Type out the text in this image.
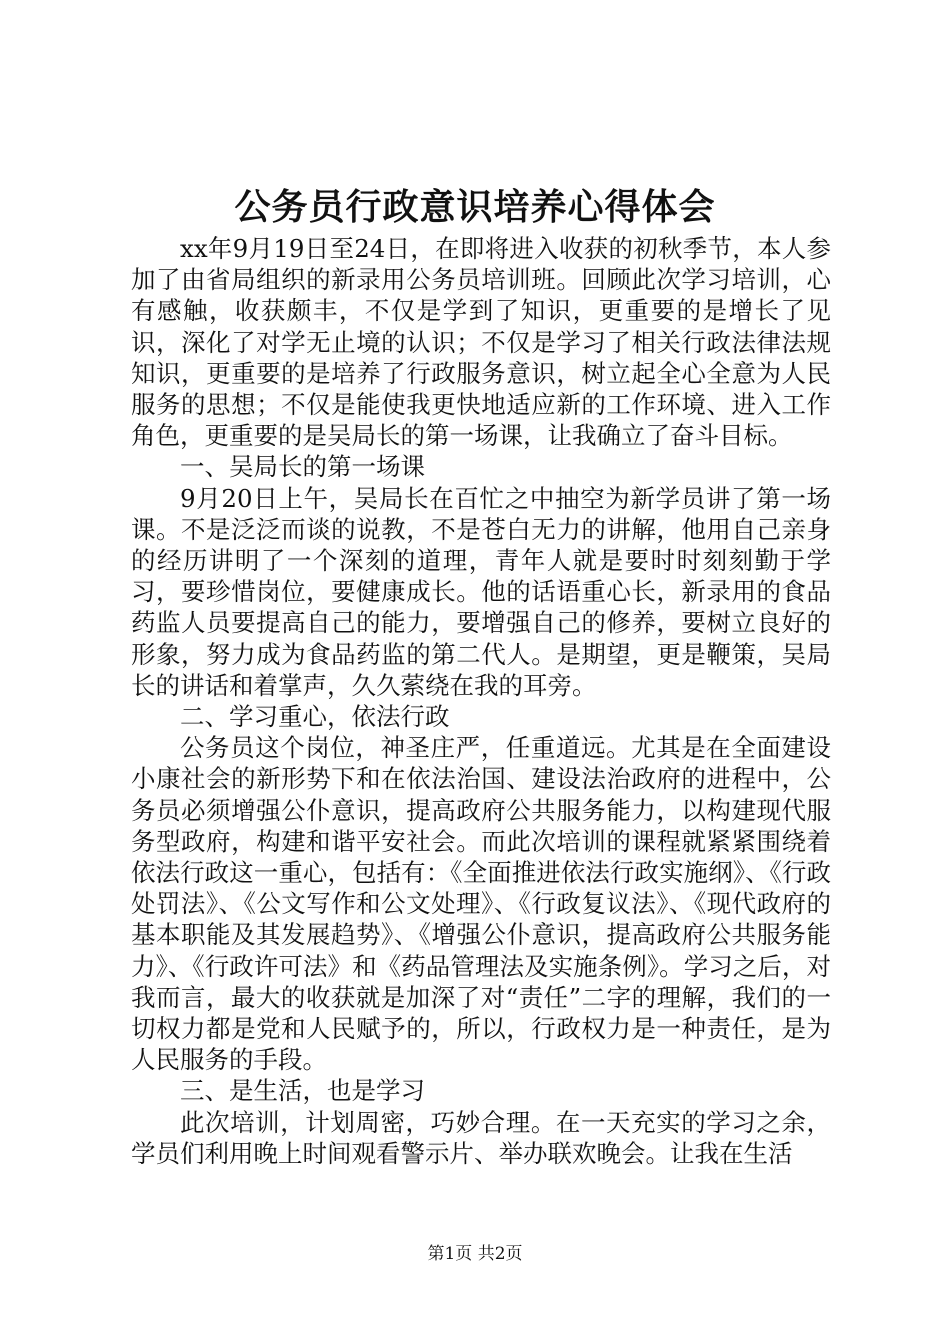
公务员行政意识培养心得体会

xx年9月19日至24日，在即将进入收获的初秋季节，本人参加了由省局组织的新录用公务员培训班。回顾此次学习培训，心有感触，收获颇丰，不仅是学到了知识，更重要的是增长了见识，深化了对学无止境的认识；不仅是学习了相关行政法律法规知识，更重要的是培养了行政服务意识，树立起全心全意为人民服务的思想；不仅是能使我更快地适应新的工作环境、进入工作角色，更重要的是吴局长的第一场课，让我确立了奋斗目标。

一、吴局长的第一场课

9月20日上午，吴局长在百忙之中抽空为新学员讲了第一场课。不是泛泛而谈的说教，不是苍白无力的讲解，他用自己亲身的经历讲明了一个深刻的道理，青年人就是要时时刻刻勤于学习，要珍惜岗位，要健康成长。他的话语重心长，新录用的食品药监人员要提高自己的能力，要增强自己的修养，要树立良好的形象，努力成为食品药监的第二代人。是期望，更是鞭策，吴局长的讲话和着掌声，久久萦绕在我的耳旁。

二、学习重心，依法行政

公务员这个岗位，神圣庄严，任重道远。尤其是在全面建设小康社会的新形势下和在依法治国、建设法治政府的进程中，公务员必须增强公仆意识，提高政府公共服务能力，以构建现代服务型政府，构建和谐平安社会。而此次培训的课程就紧紧围绕着依法行政这一重心，包括有：《全面推进依法行政实施纲》、《行政处罚法》、《公文写作和公文处理》、《行政复议法》、《现代政府的基本职能及其发展趋势》、《增强公仆意识，提高政府公共服务能力》、《行政许可法》和《药品管理法及实施条例》。学习之后，对我而言，最大的收获就是加深了对“责任”二字的理解，我们的一切权力都是党和人民赋予的，所以，行政权力是一种责任，是为人民服务的手段。

三、是生活，也是学习

此次培训，计划周密，巧妙合理。在一天充实的学习之余，学员们利用晚上时间观看警示片、举办联欢晚会。让我在生活

第1页 共2页
